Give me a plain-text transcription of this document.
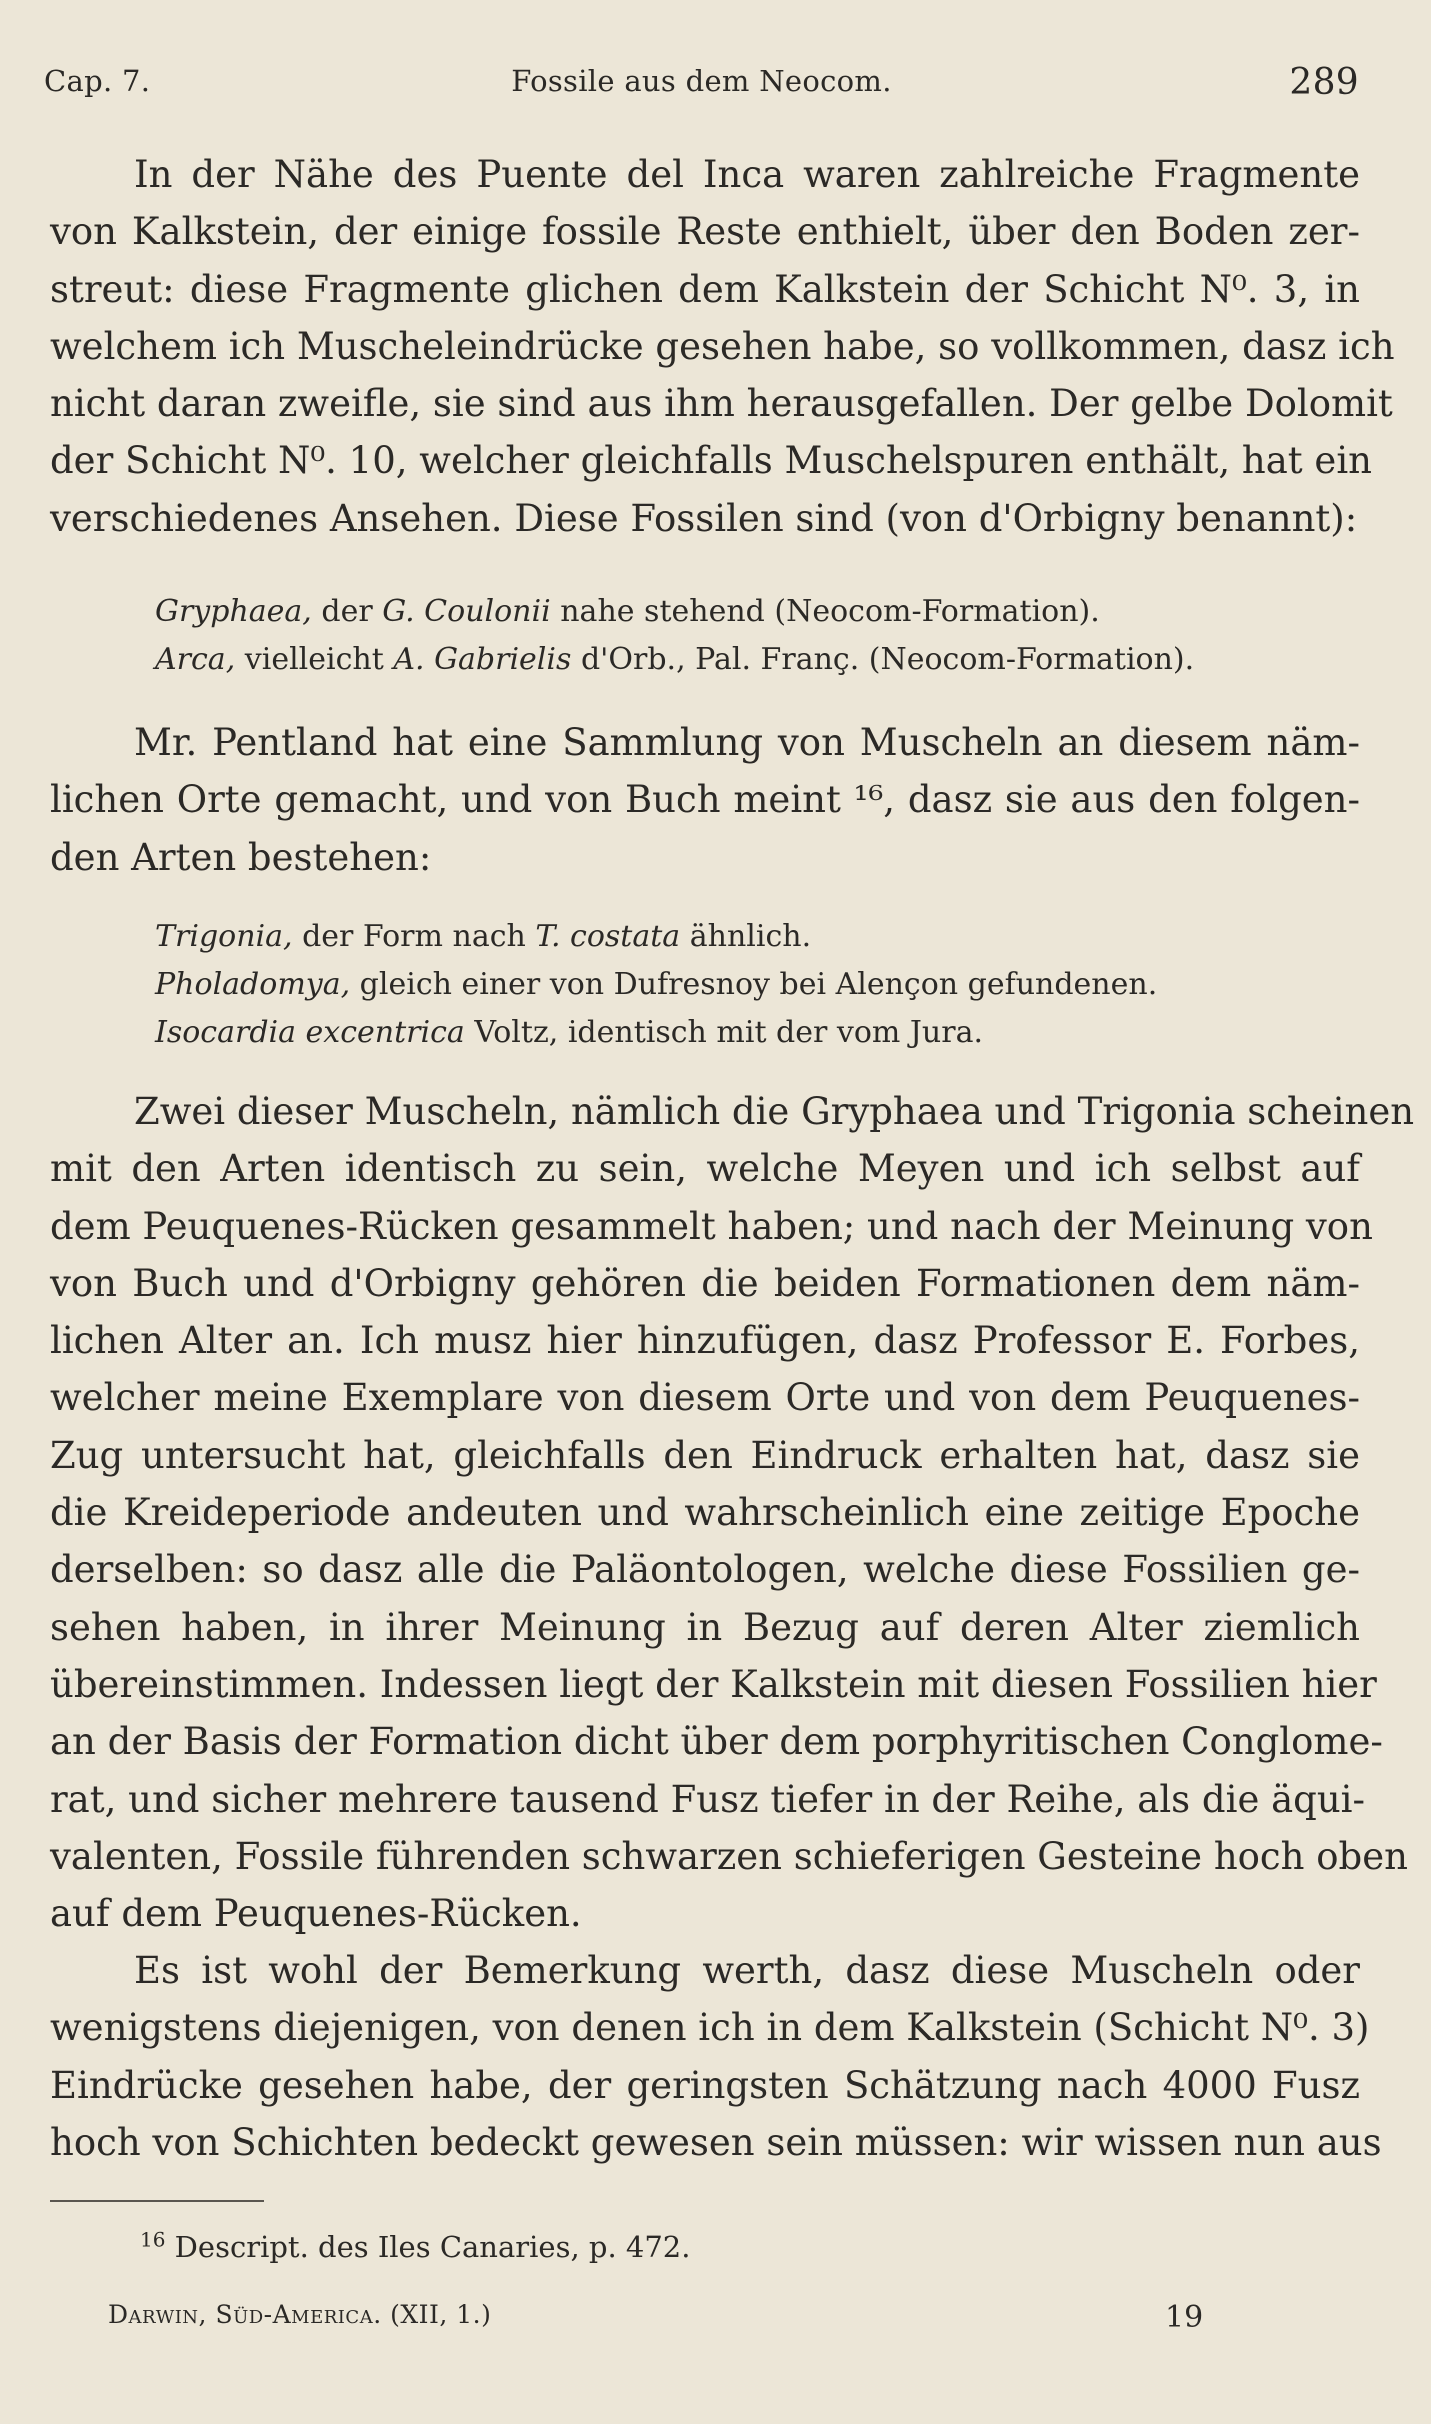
Cap. 7.	Fossile aus dem Neocom.	289

In der Nähe des Puente del Inca waren zahlreiche Fragmente
von Kalkstein, der einige fossile Reste enthielt, über den Boden zer-
streut: diese Fragmente glichen dem Kalkstein der Schicht N⁰. 3, in
welchem ich Muscheleindrücke gesehen habe, so vollkommen, dasz ich
nicht daran zweifle, sie sind aus ihm herausgefallen. Der gelbe Dolomit
der Schicht N⁰. 10, welcher gleichfalls Muschelspuren enthält, hat ein
verschiedenes Ansehen. Diese Fossilen sind (von d'Orbigny benannt):

Gryphaea, der G. Coulonii nahe stehend (Neocom-Formation).
Arca, vielleicht A. Gabrielis d'Orb., Pal. Franç. (Neocom-Formation).

Mr. Pentland hat eine Sammlung von Muscheln an diesem näm-
lichen Orte gemacht, und von Buch meint ¹⁶, dasz sie aus den folgen-
den Arten bestehen:

Trigonia, der Form nach T. costata ähnlich.
Pholadomya, gleich einer von Dufresnoy bei Alençon gefundenen.
Isocardia excentrica Voltz, identisch mit der vom Jura.

Zwei dieser Muscheln, nämlich die Gryphaea und Trigonia scheinen
mit den Arten identisch zu sein, welche Meyen und ich selbst auf
dem Peuquenes-Rücken gesammelt haben; und nach der Meinung von
von Buch und d'Orbigny gehören die beiden Formationen dem näm-
lichen Alter an. Ich musz hier hinzufügen, dasz Professor E. Forbes,
welcher meine Exemplare von diesem Orte und von dem Peuquenes-
Zug untersucht hat, gleichfalls den Eindruck erhalten hat, dasz sie
die Kreideperiode andeuten und wahrscheinlich eine zeitige Epoche
derselben: so dasz alle die Paläontologen, welche diese Fossilien ge-
sehen haben, in ihrer Meinung in Bezug auf deren Alter ziemlich
übereinstimmen. Indessen liegt der Kalkstein mit diesen Fossilien hier
an der Basis der Formation dicht über dem porphyritischen Conglome-
rat, und sicher mehrere tausend Fusz tiefer in der Reihe, als die äqui-
valenten, Fossile führenden schwarzen schieferigen Gesteine hoch oben
auf dem Peuquenes-Rücken.

Es ist wohl der Bemerkung werth, dasz diese Muscheln oder
wenigstens diejenigen, von denen ich in dem Kalkstein (Schicht N⁰. 3)
Eindrücke gesehen habe, der geringsten Schätzung nach 4000 Fusz
hoch von Schichten bedeckt gewesen sein müssen: wir wissen nun aus

$^{16}$ Descript. des Iles Canaries, p. 472.
Darwin, Süd-America. (XII, 1.)	19
